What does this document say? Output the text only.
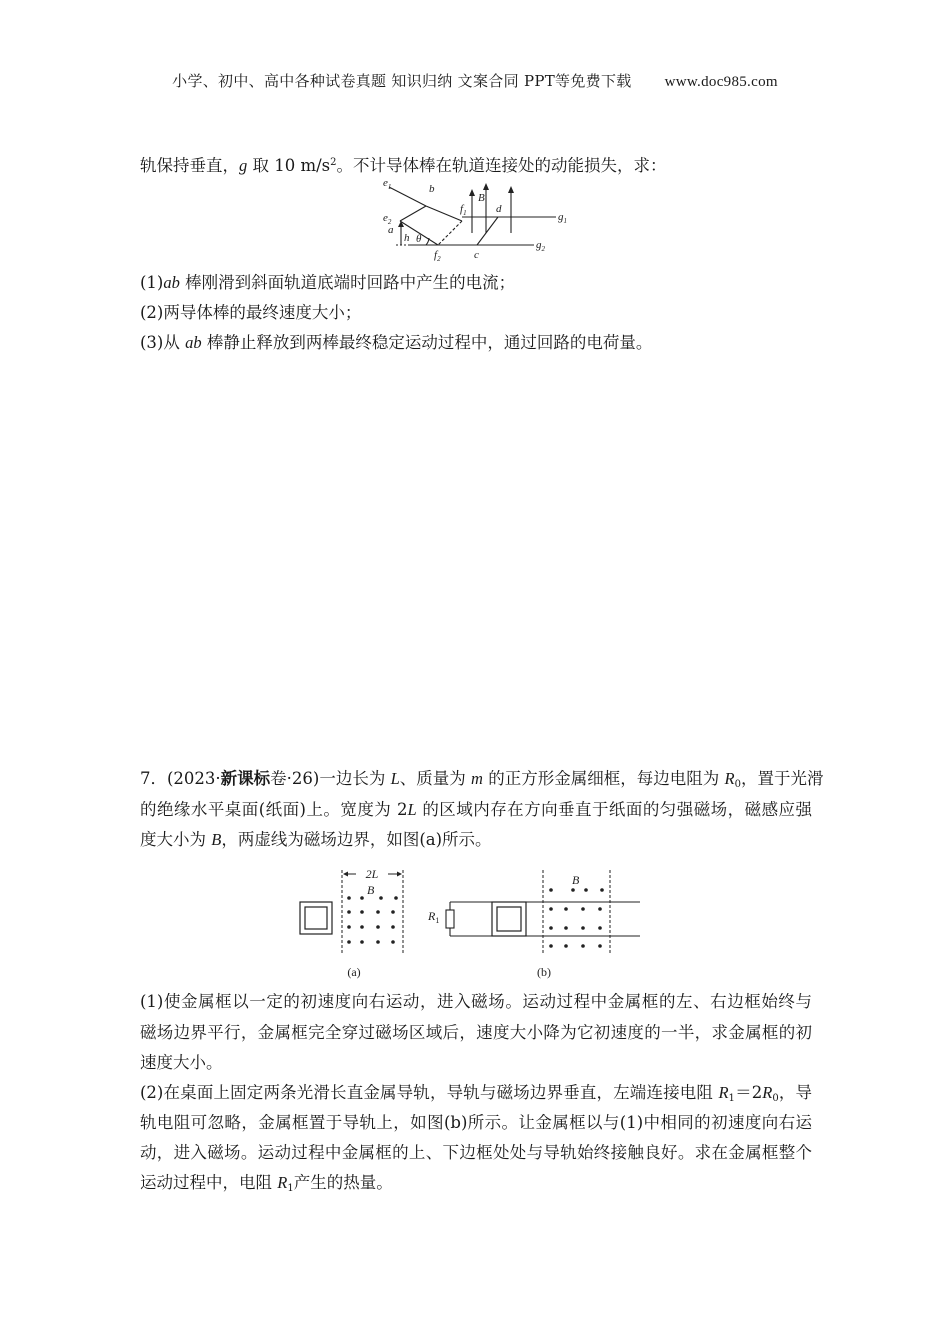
小学、初中、高中各种试卷真题 知识归纳 文案合同 PPT等免费下载 www.doc985.com
轨保持垂直，g 取 10 $m/s^2$。不计导体棒在轨道连接处的动能损失，求：
$e_1$	b
B
$f_1$	d
$g_1$
$e_2$
a
h θ
$f_2$	c
$g_2$
(1)ab 棒刚滑到斜面轨道底端时回路中产生的电流；
(2)两导体棒的最终速度大小；
(3)从 ab 棒静止释放到两棒最终稳定运动过程中，通过回路的电荷量。
7．(2023·新课标卷·26)一边长为 L、质量为 m 的正方形金属细框，每边电阻为 $R_0$，置于光滑
的绝缘水平桌面(纸面)上。宽度为 2L 的区域内存在方向垂直于纸面的匀强磁场，磁感应强
度大小为 B，两虚线为磁场边界，如图(a)所示。
2L
B
(a)
$R_1$
B
(b)
(1)使金属框以一定的初速度向右运动，进入磁场。运动过程中金属框的左、右边框始终与
磁场边界平行，金属框完全穿过磁场区域后，速度大小降为它初速度的一半，求金属框的初
速度大小。
(2)在桌面上固定两条光滑长直金属导轨，导轨与磁场边界垂直，左端连接电阻 $R_1=2R_0$，导
轨电阻可忽略，金属框置于导轨上，如图(b)所示。让金属框以与(1)中相同的初速度向右运
动，进入磁场。运动过程中金属框的上、下边框处处与导轨始终接触良好。求在金属框整个
运动过程中，电阻 $R_1$产生的热量。
